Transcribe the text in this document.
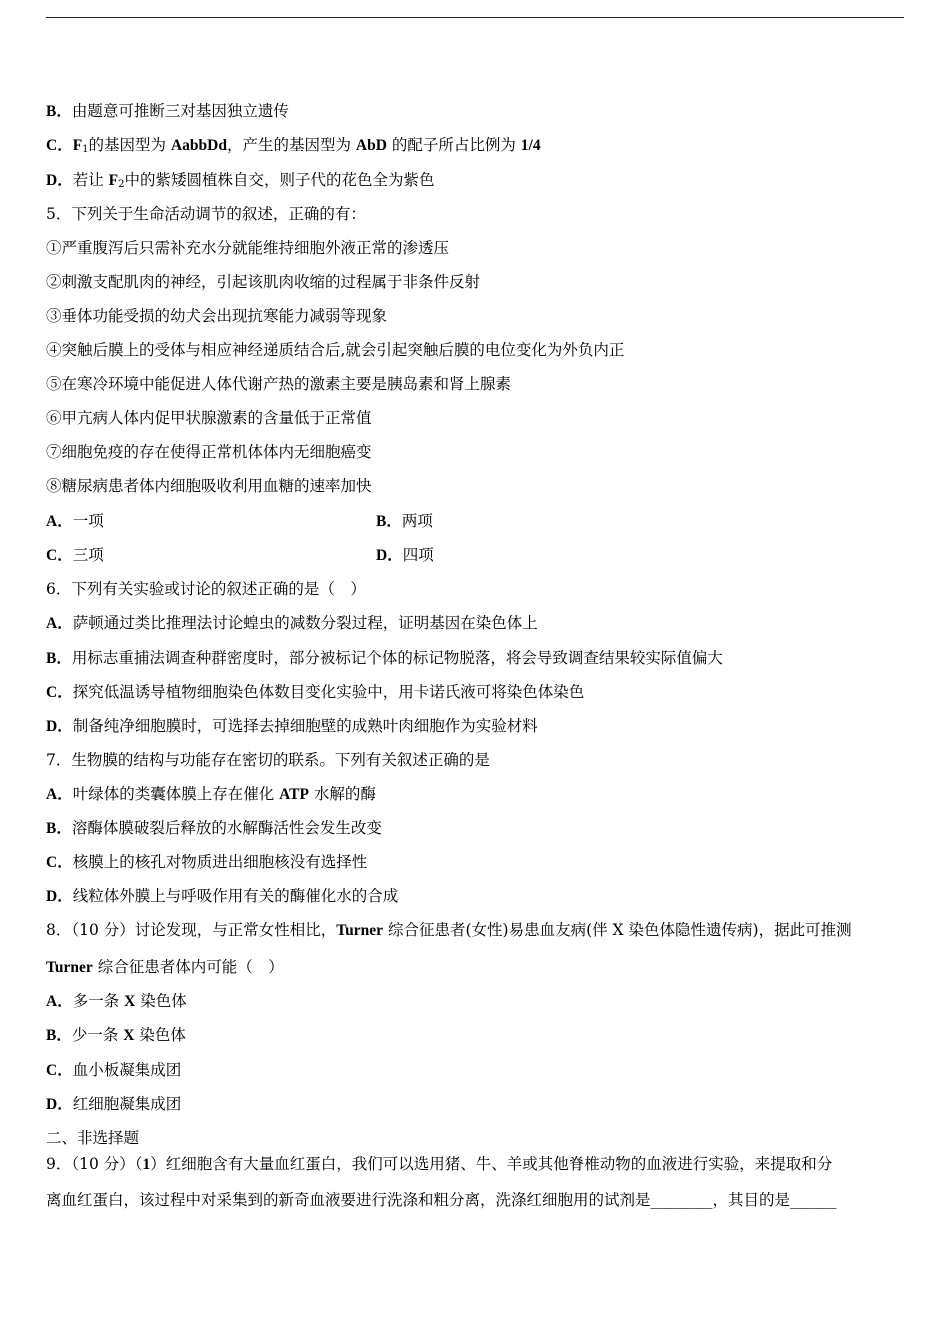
B．由题意可推断三对基因独立遗传
C．$F_1$的基因型为 AabbDd，产生的基因型为 AbD 的配子所占比例为 1/4
D．若让 $F_2$中的紫矮圆植株自交，则子代的花色全为紫色
5．下列关于生命活动调节的叙述，正确的有：
①严重腹泻后只需补充水分就能维持细胞外液正常的渗透压
②刺激支配肌肉的神经，引起该肌肉收缩的过程属于非条件反射
③垂体功能受损的幼犬会出现抗寒能力减弱等现象
④突触后膜上的受体与相应神经递质结合后,就会引起突触后膜的电位变化为外负内正
⑤在寒冷环境中能促进人体代谢产热的激素主要是胰岛素和肾上腺素
⑥甲亢病人体内促甲状腺激素的含量低于正常值
⑦细胞免疫的存在使得正常机体体内无细胞癌变
⑧糖尿病患者体内细胞吸收利用血糖的速率加快
A．一项	B．两项
C．三项	D．四项
6．下列有关实验或讨论的叙述正确的是（　）
A．萨顿通过类比推理法讨论蝗虫的减数分裂过程，证明基因在染色体上
B．用标志重捕法调查种群密度时，部分被标记个体的标记物脱落，将会导致调查结果较实际值偏大
C．探究低温诱导植物细胞染色体数目变化实验中，用卡诺氏液可将染色体染色
D．制备纯净细胞膜时，可选择去掉细胞壁的成熟叶肉细胞作为实验材料
7．生物膜的结构与功能存在密切的联系。下列有关叙述正确的是
A．叶绿体的类囊体膜上存在催化 ATP 水解的酶
B．溶酶体膜破裂后释放的水解酶活性会发生改变
C．核膜上的核孔对物质进出细胞核没有选择性
D．线粒体外膜上与呼吸作用有关的酶催化水的合成
8．（10 分）讨论发现，与正常女性相比，Turner 综合征患者(女性)易患血友病(伴 X 染色体隐性遗传病)，据此可推测
Turner 综合征患者体内可能（　）
A．多一条 X 染色体
B．少一条 X 染色体
C．血小板凝集成团
D．红细胞凝集成团
二、非选择题
9．（10 分）（1）红细胞含有大量血红蛋白，我们可以选用猪、牛、羊或其他脊椎动物的血液进行实验，来提取和分
离血红蛋白，该过程中对采集到的新奇血液要进行洗涤和粗分离，洗涤红细胞用的试剂是________，其目的是______
